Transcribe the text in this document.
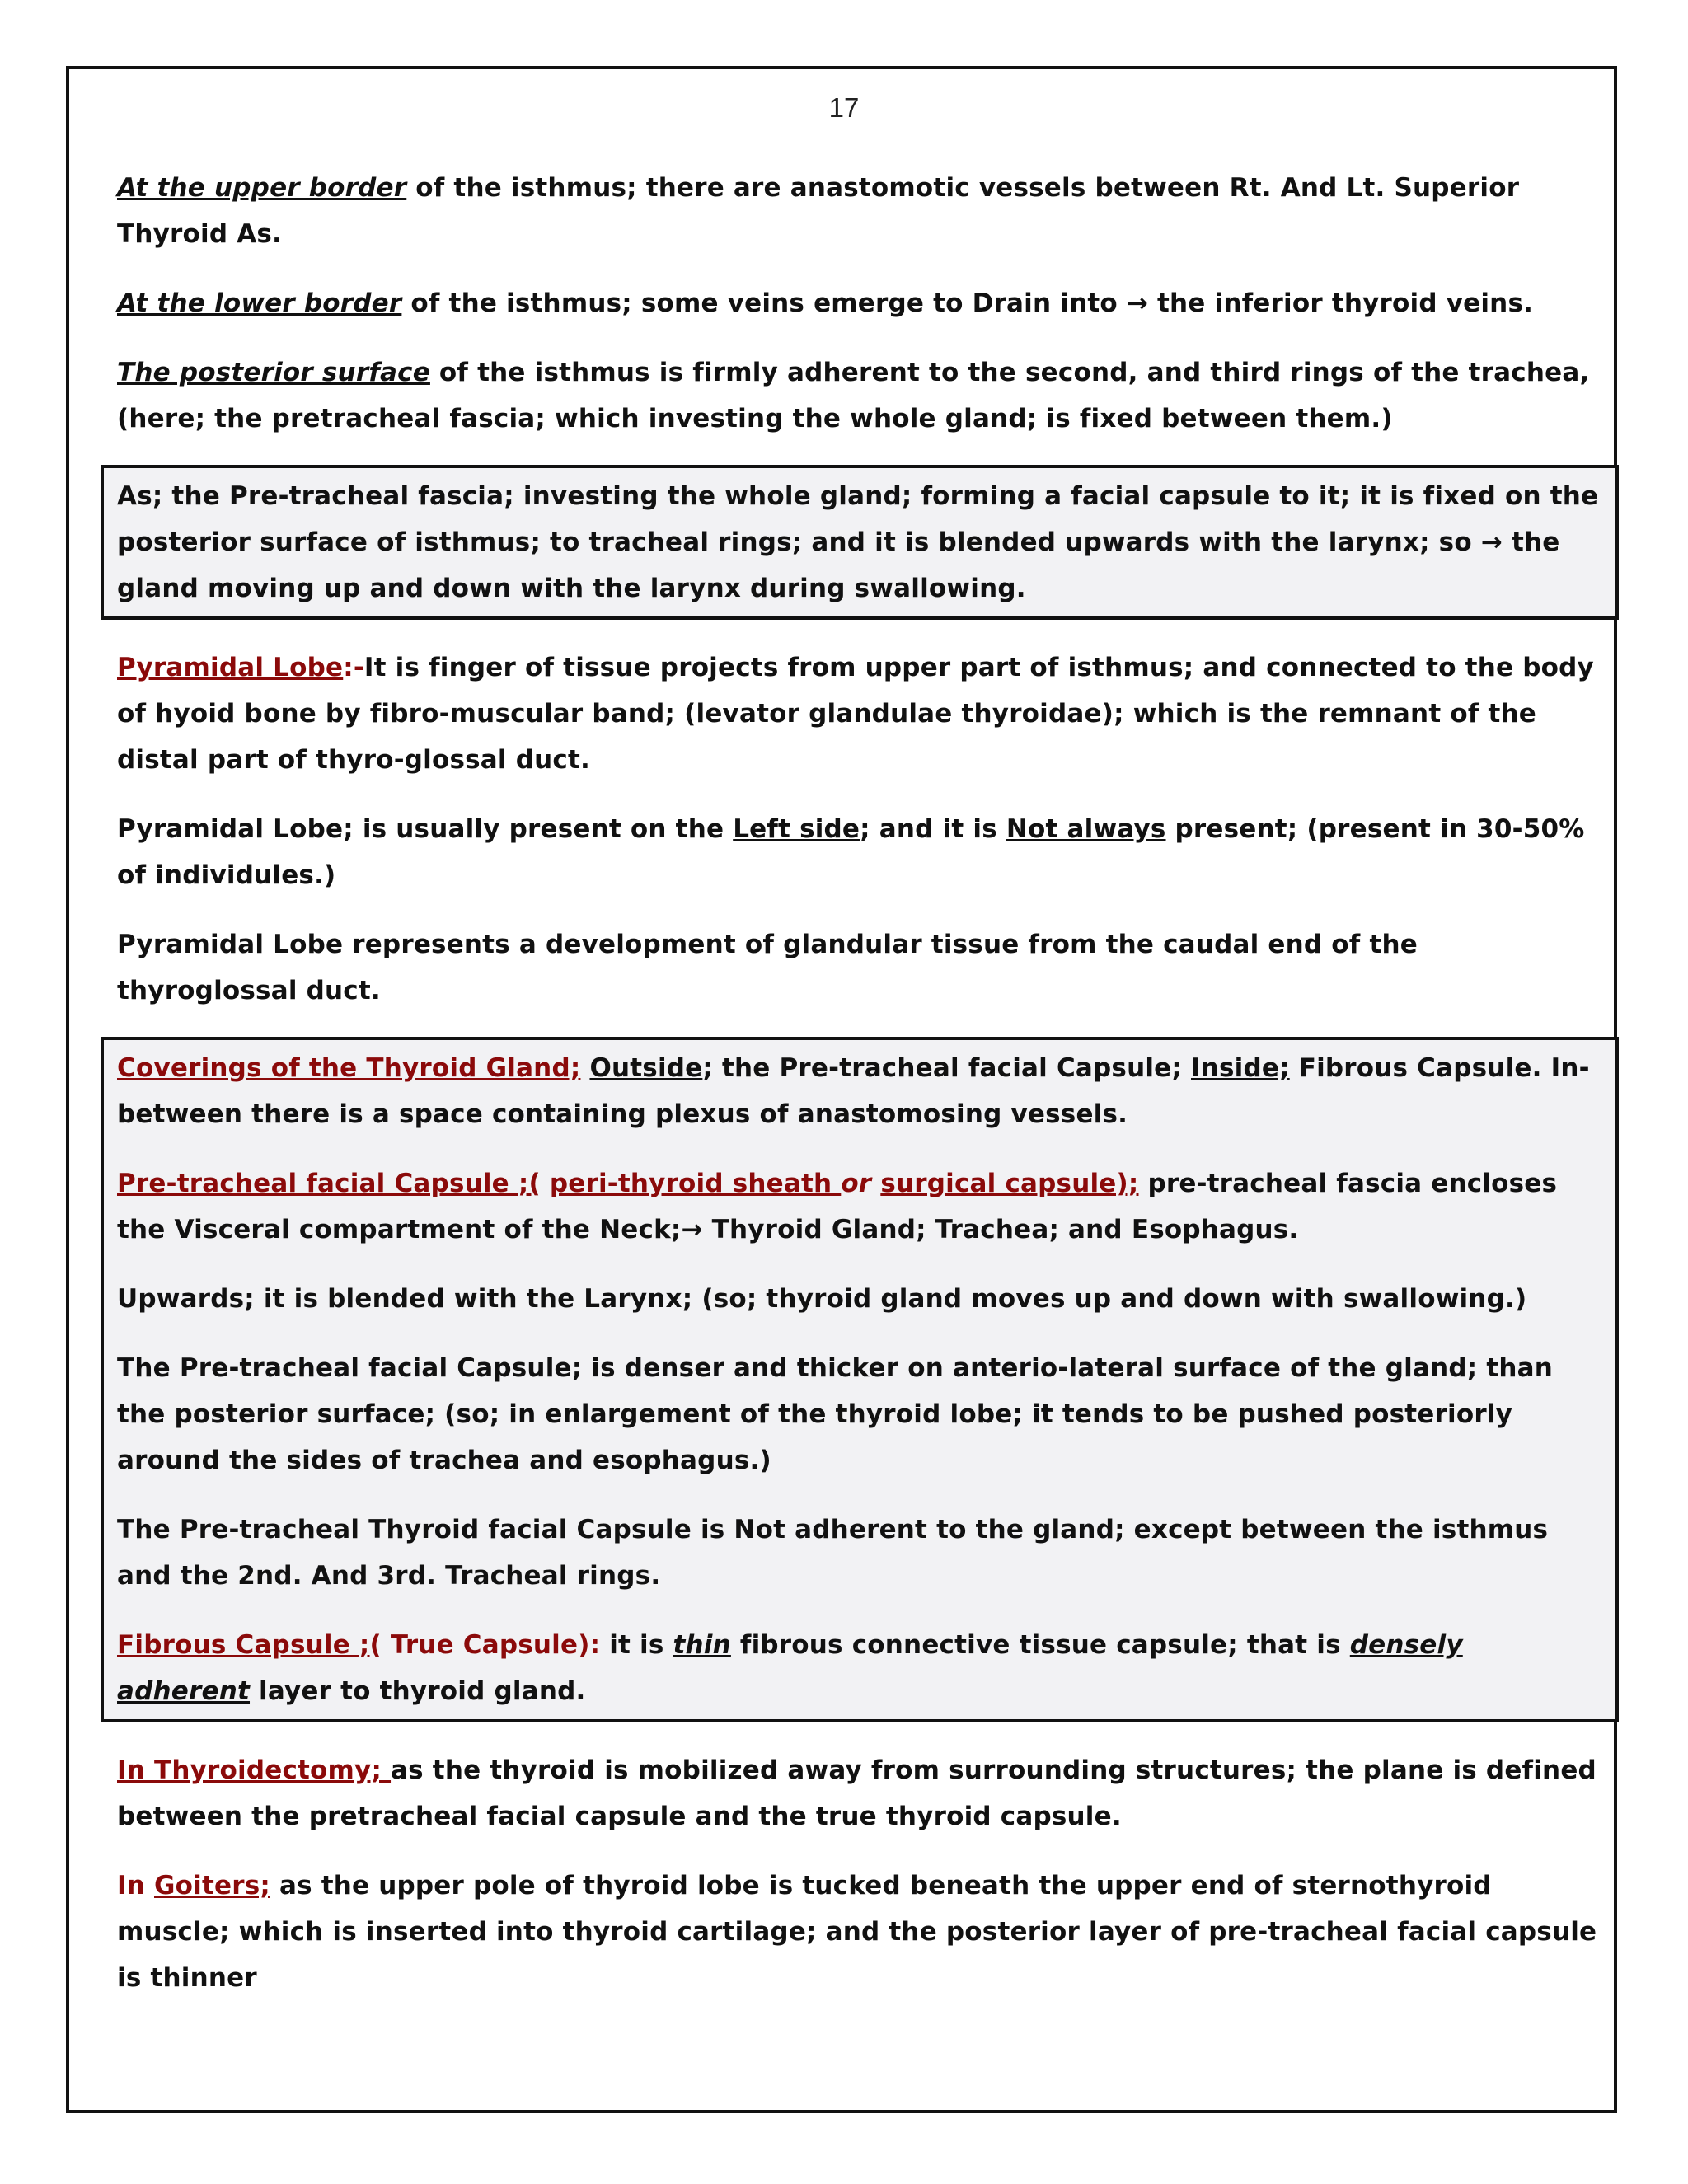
17

At the upper border of the isthmus; there are anastomotic vessels between Rt. And Lt. Superior Thyroid As.

At the lower border of the isthmus; some veins emerge to Drain into → the inferior thyroid veins.

The posterior surface of the isthmus is firmly adherent to the second, and third rings of the trachea, (here; the pretracheal fascia; which investing the whole gland; is fixed between them.)

As; the Pre-tracheal fascia; investing the whole gland; forming a facial capsule to it; it is fixed on the posterior surface of isthmus; to tracheal rings; and it is blended upwards with the larynx; so → the gland moving up and down with the larynx during swallowing.

Pyramidal Lobe:-It is finger of tissue projects from upper part of isthmus; and connected to the body of hyoid bone by fibro-muscular band; (levator glandulae thyroidae); which is the remnant of the distal part of thyro-glossal duct.

Pyramidal Lobe; is usually present on the Left side; and it is Not always present; (present in 30-50% of individules.)

Pyramidal Lobe represents a development of glandular tissue from the caudal end of the thyroglossal duct.

Coverings of the Thyroid Gland; Outside; the Pre-tracheal facial Capsule; Inside; Fibrous Capsule. In-between there is a space containing plexus of anastomosing vessels.

Pre-tracheal facial Capsule ;( peri-thyroid sheath or surgical capsule); pre-tracheal fascia encloses the Visceral compartment of the Neck;→ Thyroid Gland; Trachea; and Esophagus.

Upwards; it is blended with the Larynx; (so; thyroid gland moves up and down with swallowing.)

The Pre-tracheal facial Capsule; is denser and thicker on anterio-lateral surface of the gland; than the posterior surface; (so; in enlargement of the thyroid lobe; it tends to be pushed posteriorly around the sides of trachea and esophagus.)

The Pre-tracheal Thyroid facial Capsule is Not adherent to the gland; except between the isthmus and the 2nd. And 3rd. Tracheal rings.

Fibrous Capsule ;( True Capsule): it is thin fibrous connective tissue capsule; that is densely adherent layer to thyroid gland.

In Thyroidectomy; as the thyroid is mobilized away from surrounding structures; the plane is defined between the pretracheal facial capsule and the true thyroid capsule.

In Goiters; as the upper pole of thyroid lobe is tucked beneath the upper end of sternothyroid muscle; which is inserted into thyroid cartilage; and the posterior layer of pre-tracheal facial capsule is thinner
